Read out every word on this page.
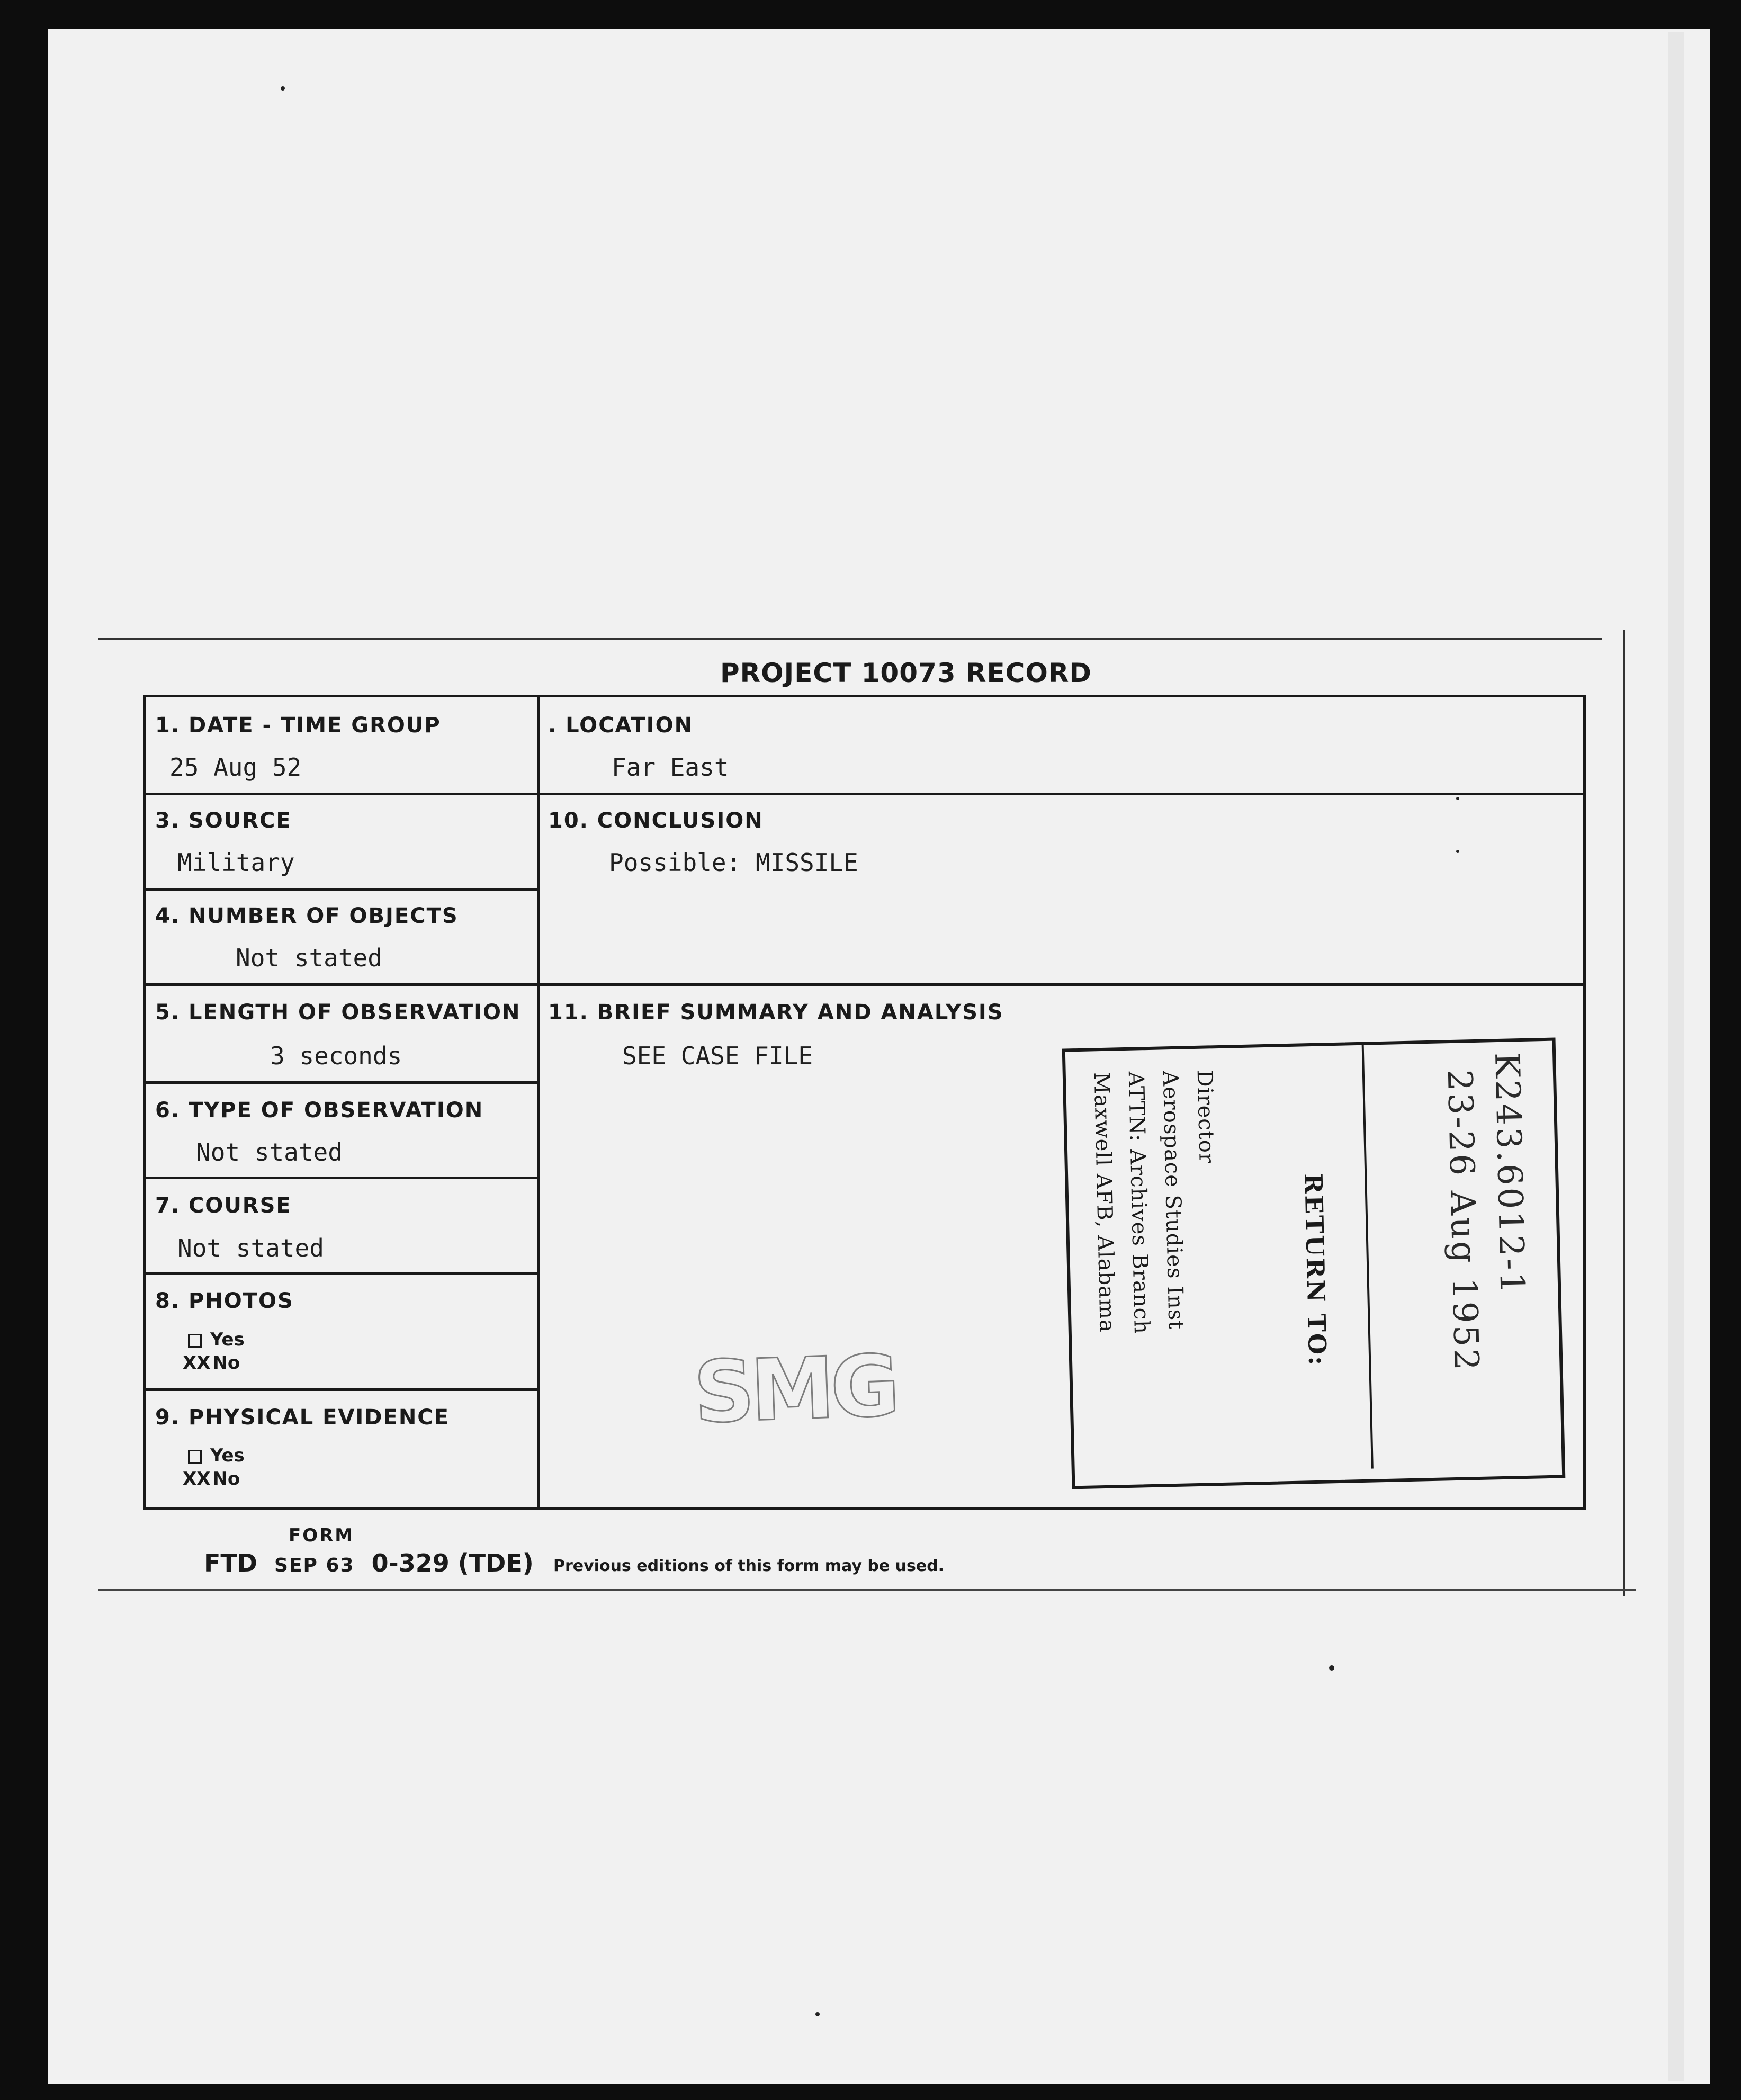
PROJECT 10073 RECORD
1. DATE - TIME GROUP
25 Aug 52
3. SOURCE
Military
4. NUMBER OF OBJECTS
Not stated
5. LENGTH OF OBSERVATION
3 seconds
6. TYPE OF OBSERVATION
Not stated
7. COURSE
Not stated
8. PHOTOS
Yes
XX No
9. PHYSICAL EVIDENCE
Yes
XX No
. LOCATION
Far East
10. CONCLUSION
Possible: MISSILE
11. BRIEF SUMMARY AND ANALYSIS
SEE CASE FILE
SMG
K243.6012-1
23-26 Aug 1952
RETURN TO:
Director
Aerospace Studies Inst
ATTN: Archives Branch
Maxwell AFB, Alabama
FORM
FTD SEP 63 0-329 (TDE) Previous editions of this form may be used.
